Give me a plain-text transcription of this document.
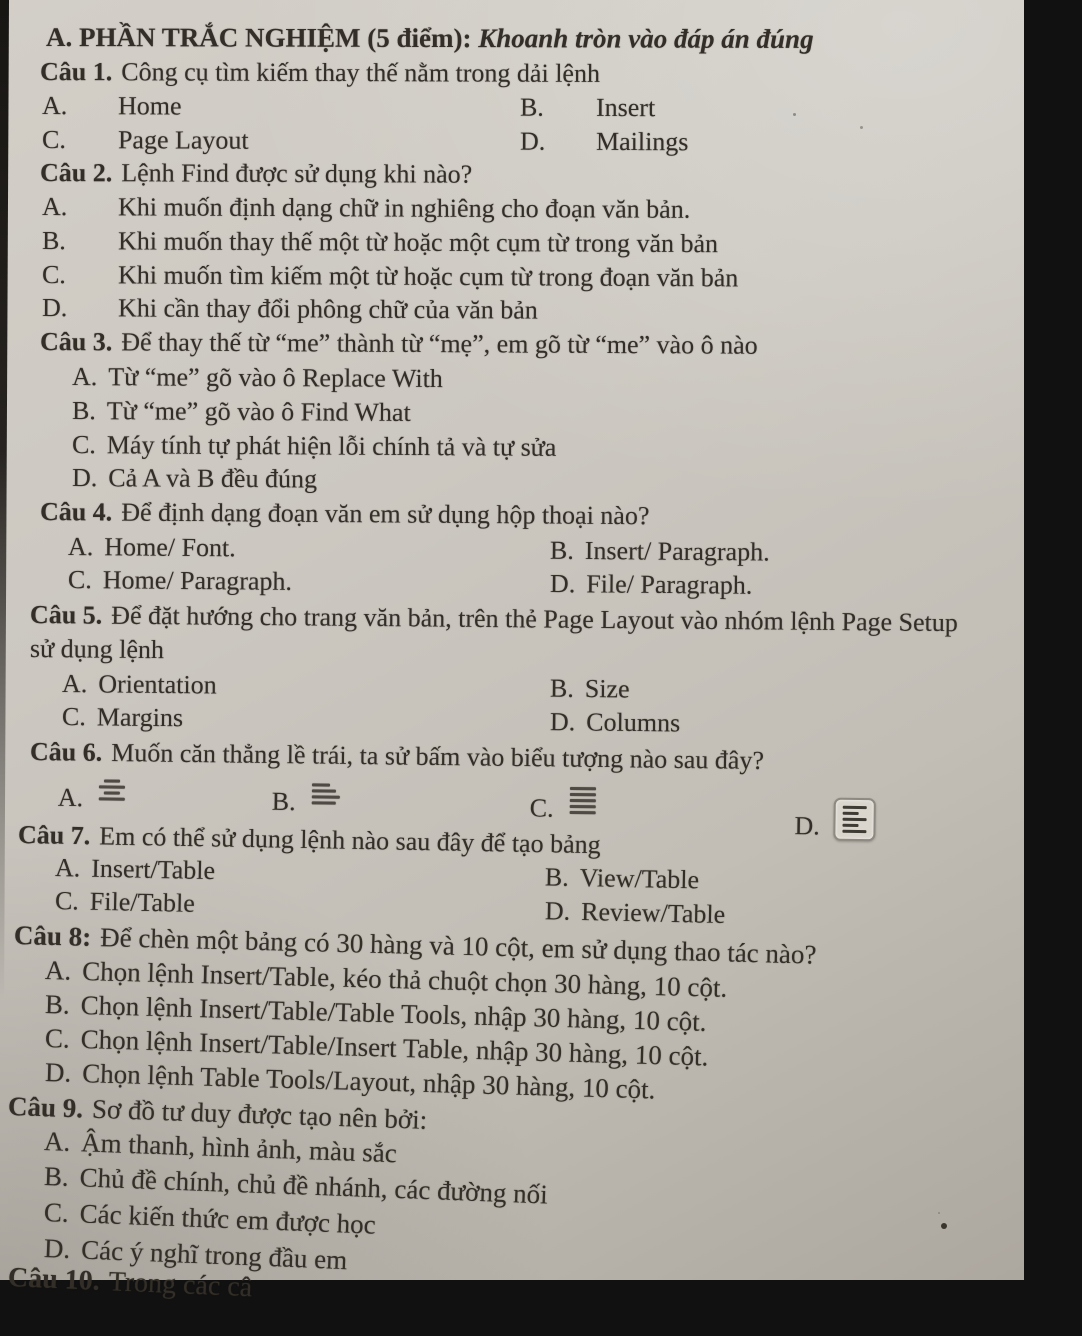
A. PHẦN TRẮC NGHIỆM (5 điểm): Khoanh tròn vào đáp án đúng
Câu 1. Công cụ tìm kiếm thay thế nằm trong dải lệnh
A. Home	B. Insert
C. Page Layout	D. Mailings
Câu 2. Lệnh Find được sử dụng khi nào?
A. Khi muốn định dạng chữ in nghiêng cho đoạn văn bản.
B. Khi muốn thay thế một từ hoặc một cụm từ trong văn bản
C. Khi muốn tìm kiếm một từ hoặc cụm từ trong đoạn văn bản
D. Khi cần thay đổi phông chữ của văn bản
Câu 3. Để thay thế từ “me” thành từ “mẹ”, em gõ từ “me” vào ô nào
A. Từ “me” gõ vào ô Replace With
B. Từ “me” gõ vào ô Find What
C. Máy tính tự phát hiện lỗi chính tả và tự sửa
D. Cả A và B đều đúng
Câu 4. Để định dạng đoạn văn em sử dụng hộp thoại nào?
A. Home/ Font.	B. Insert/ Paragraph.
C. Home/ Paragraph.	D. File/ Paragraph.
Câu 5. Để đặt hướng cho trang văn bản, trên thẻ Page Layout vào nhóm lệnh Page Setup
sử dụng lệnh
A. Orientation	B. Size
C. Margins	D. Columns
Câu 6. Muốn căn thẳng lề trái, ta sử bấm vào biểu tượng nào sau đây?
A.	B.	C.
D.
Câu 7. Em có thể sử dụng lệnh nào sau đây để tạo bảng
A. Insert/Table	B. View/Table
C. File/Table	D. Review/Table
Câu 8: Để chèn một bảng có 30 hàng và 10 cột, em sử dụng thao tác nào?
A. Chọn lệnh Insert/Table, kéo thả chuột chọn 30 hàng, 10 cột.
B. Chọn lệnh Insert/Table/Table Tools, nhập 30 hàng, 10 cột.
C. Chọn lệnh Insert/Table/Insert Table, nhập 30 hàng, 10 cột.
D. Chọn lệnh Table Tools/Layout, nhập 30 hàng, 10 cột.
Câu 9. Sơ đồ tư duy được tạo nên bởi:
A. Ậm thanh, hình ảnh, màu sắc
B. Chủ đề chính, chủ đề nhánh, các đường nối
C. Các kiến thức em được học
D. Các ý nghĩ trong đầu em
Câu 10. Trong các câ
